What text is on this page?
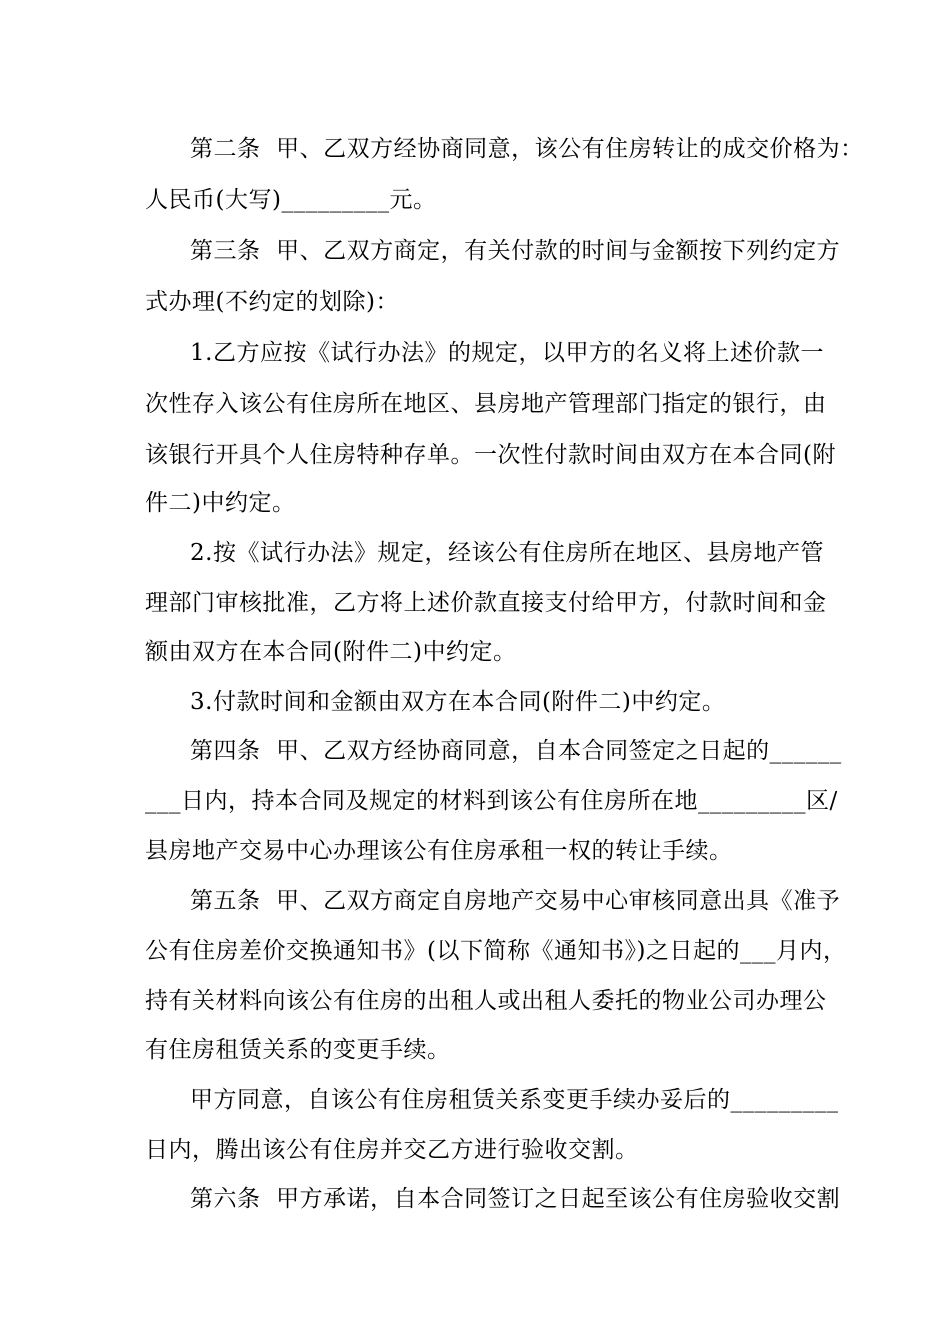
第二条  甲、乙双方经协商同意，该公有住房转让的成交价格为：
人民币(大写)_________元。
第三条  甲、乙双方商定，有关付款的时间与金额按下列约定方
式办理(不约定的划除)：
1.乙方应按《试行办法》的规定，以甲方的名义将上述价款一
次性存入该公有住房所在地区、县房地产管理部门指定的银行，由
该银行开具个人住房特种存单。一次性付款时间由双方在本合同(附
件二)中约定。
2.按《试行办法》规定，经该公有住房所在地区、县房地产管
理部门审核批准，乙方将上述价款直接支付给甲方，付款时间和金
额由双方在本合同(附件二)中约定。
3.付款时间和金额由双方在本合同(附件二)中约定。
第四条  甲、乙双方经协商同意，自本合同签定之日起的______
___日内，持本合同及规定的材料到该公有住房所在地_________区/
县房地产交易中心办理该公有住房承租一权的转让手续。
第五条  甲、乙双方商定自房地产交易中心审核同意出具《准予
公有住房差价交换通知书》(以下简称《通知书》)之日起的___月内，
持有关材料向该公有住房的出租人或出租人委托的物业公司办理公
有住房租赁关系的变更手续。
甲方同意，自该公有住房租赁关系变更手续办妥后的_________
日内，腾出该公有住房并交乙方进行验收交割。
第六条  甲方承诺，自本合同签订之日起至该公有住房验收交割
